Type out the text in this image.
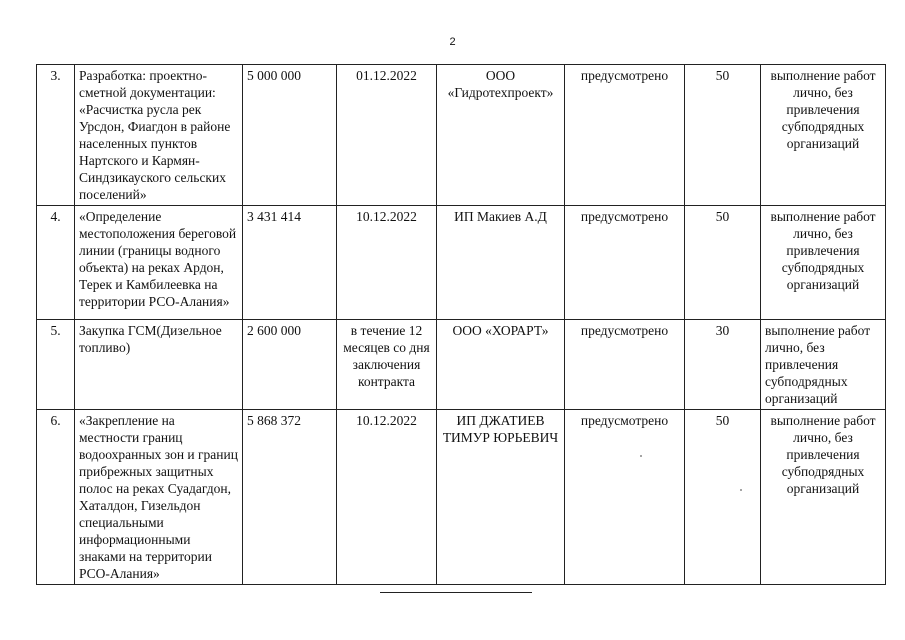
2
3.	Разработка: проектно-сметной документации: «Расчистка русла рек Урсдон, Фиагдон в районе населенных пунктов Нартского и Кармян-Синдзикауского сельских поселений»	5 000 000	01.12.2022	ООО «Гидротехпроект»	предусмотрено	50	выполнение работ лично, без привлечения субподрядных организаций
4.	«Определение местоположения береговой линии (границы водного объекта) на реках Ардон, Терек и Камбилеевка на территории РСО-Алания»	3 431 414	10.12.2022	ИП Макиев А.Д	предусмотрено	50	выполнение работ лично, без привлечения субподрядных организаций
5.	Закупка ГСМ(Дизельное топливо)	2 600 000	в течение 12 месяцев со дня заключения контракта	ООО «ХОРАРТ»	предусмотрено	30	выполнение работ лично, без привлечения субподрядных организаций
6.	«Закрепление на местности границ водоохранных зон и границ прибрежных защитных полос на реках Суадагдон, Хаталдон, Гизельдон специальными информационными знаками на территории РСО-Алания»	5 868 372	10.12.2022	ИП ДЖАТИЕВ ТИМУР ЮРЬЕВИЧ	предусмотрено	50	выполнение работ лично, без привлечения субподрядных организаций
